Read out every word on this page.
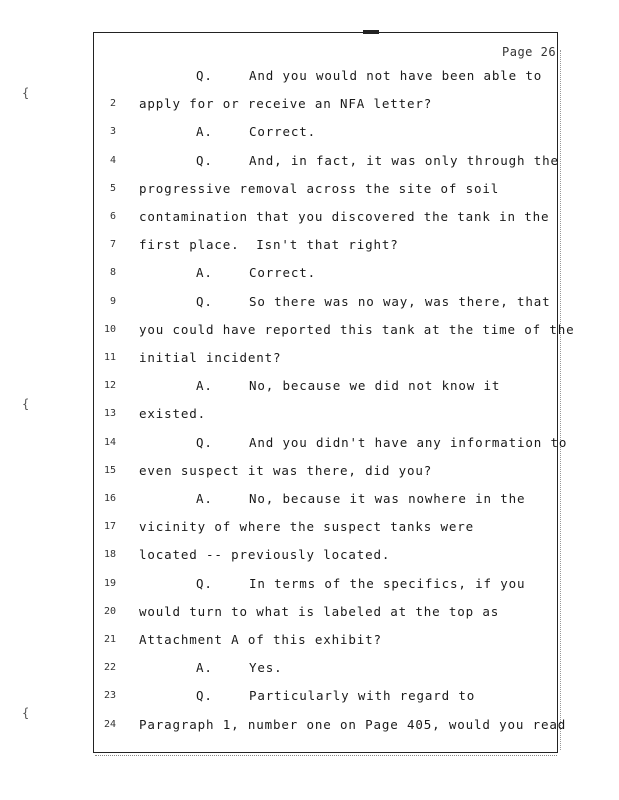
{
{
{
Page 26
Q.	And you would not have been able to
2 apply for or receive an NFA letter?
3	A.	Correct.
4	Q.	And, in fact, it was only through the
5 progressive removal across the site of soil
6 contamination that you discovered the tank in the
7 first place.  Isn't that right?
8	A.	Correct.
9	Q.	So there was no way, was there, that
10 you could have reported this tank at the time of the
11 initial incident?
12	A.	No, because we did not know it
13 existed.
14	Q.	And you didn't have any information to
15 even suspect it was there, did you?
16	A.	No, because it was nowhere in the
17 vicinity of where the suspect tanks were
18 located -- previously located.
19	Q.	In terms of the specifics, if you
20 would turn to what is labeled at the top as
21 Attachment A of this exhibit?
22	A.	Yes.
23	Q.	Particularly with regard to
24 Paragraph 1, number one on Page 405, would you read
